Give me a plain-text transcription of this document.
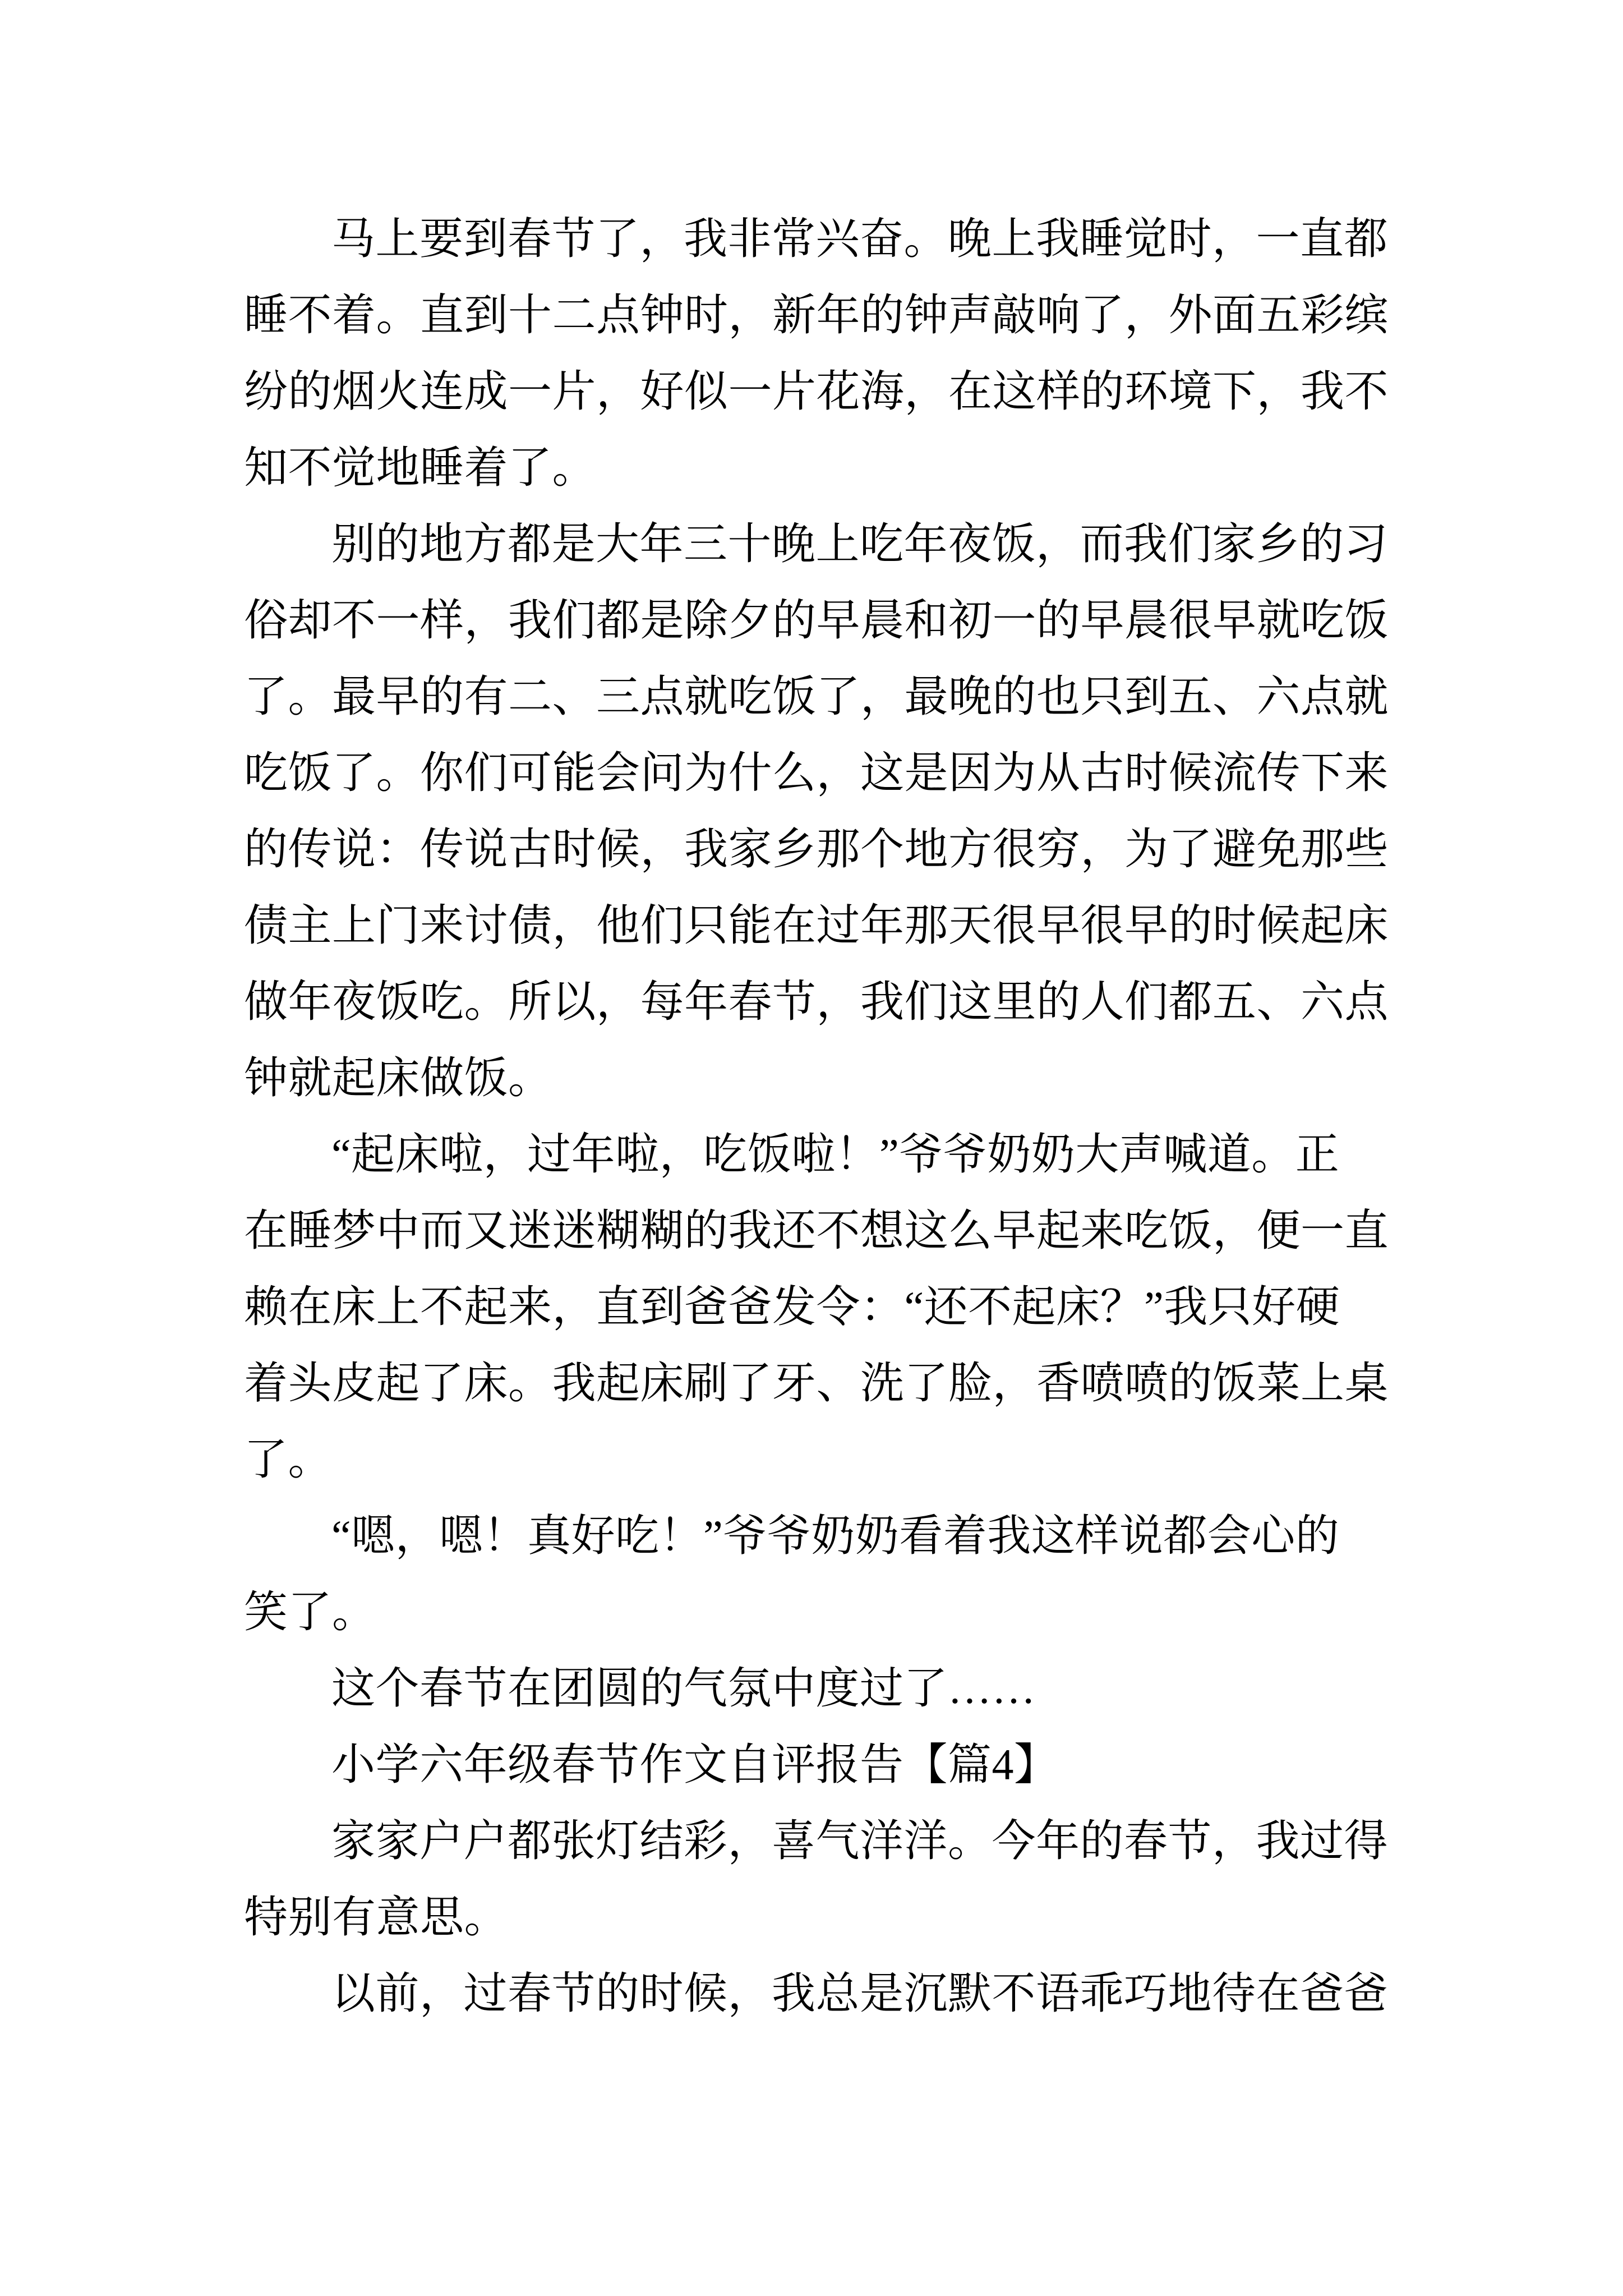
马上要到春节了，我非常兴奋。晚上我睡觉时，一直都
睡不着。直到十二点钟时，新年的钟声敲响了，外面五彩缤
纷的烟火连成一片，好似一片花海，在这样的环境下，我不
知不觉地睡着了。

别的地方都是大年三十晚上吃年夜饭，而我们家乡的习
俗却不一样，我们都是除夕的早晨和初一的早晨很早就吃饭
了。最早的有二、三点就吃饭了，最晚的也只到五、六点就
吃饭了。你们可能会问为什么，这是因为从古时候流传下来
的传说：传说古时候，我家乡那个地方很穷，为了避免那些
债主上门来讨债，他们只能在过年那天很早很早的时候起床
做年夜饭吃。所以，每年春节，我们这里的人们都五、六点
钟就起床做饭。

“起床啦，过年啦，吃饭啦！”爷爷奶奶大声喊道。正
在睡梦中而又迷迷糊糊的我还不想这么早起来吃饭，便一直
赖在床上不起来，直到爸爸发令：“还不起床？”我只好硬
着头皮起了床。我起床刷了牙、洗了脸，香喷喷的饭菜上桌
了。

“嗯，嗯！真好吃！”爷爷奶奶看着我这样说都会心的
笑了。

这个春节在团圆的气氛中度过了……

小学六年级春节作文自评报告【篇4】

家家户户都张灯结彩，喜气洋洋。今年的春节，我过得
特别有意思。

以前，过春节的时候，我总是沉默不语乖巧地待在爸爸
